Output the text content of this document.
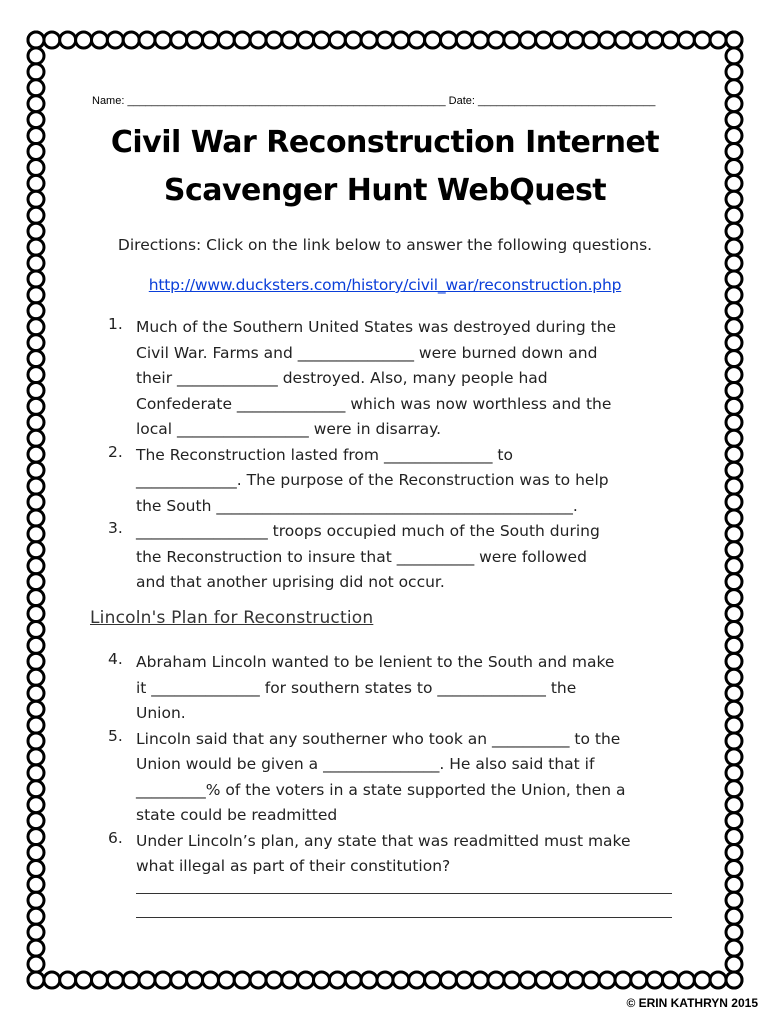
Name: ____________________________________________________ Date: _____________________________
Civil War Reconstruction Internet
Scavenger Hunt WebQuest
Directions: Click on the link below to answer the following questions.
http://www.ducksters.com/history/civil_war/reconstruction.php
1. Much of the Southern United States was destroyed during the
Civil War. Farms and _______________ were burned down and
their _____________ destroyed. Also, many people had
Confederate ______________ which was now worthless and the
local _________________ were in disarray.
2. The Reconstruction lasted from ______________ to
_____________. The purpose of the Reconstruction was to help
the South ______________________________________________.
3. _________________ troops occupied much of the South during
the Reconstruction to insure that __________ were followed
and that another uprising did not occur.
Lincoln's Plan for Reconstruction
4. Abraham Lincoln wanted to be lenient to the South and make
it ______________ for southern states to ______________ the
Union.
5. Lincoln said that any southerner who took an __________ to the
Union would be given a _______________. He also said that if
_________% of the voters in a state supported the Union, then a
state could be readmitted
6. Under Lincoln’s plan, any state that was readmitted must make
what illegal as part of their constitution?
© ERIN KATHRYN 2015
